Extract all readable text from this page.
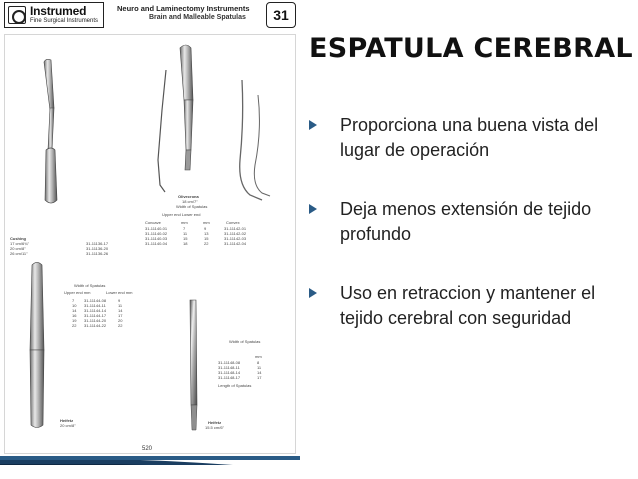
Instrumed
Fine Surgical Instruments
Neuro and Laminectomy Instruments
Brain and Malleable Spatulas	31
Cushing
17 cm/6¾"	31-11136-17
20 cm/8"	31-11136-20
26 cm/11"	31-11136-26
Olivecrona
18 cm/7"
Width of Spatulas
Upper end Lower end
Concave	mm	mm	Convex
31-11140-01	7	9	31-11142-01
31-11140-02	11	13	31-11142-02
31-11140-03	15	15	31-11142-03
31-11140-04	18	22	31-11142-04
Width of Spatulas
Upper end mm	Lower end mm
7 31-11144-08	9
10 31-11144-11	11
14 31-11144-14	14
16 31-11144-17	17
19 31-11144-20	20
22 31-11144-22	22
Heifetz
20 cm/8"
Width of Spatulas
mm
31-11148-08	8
31-11148-11	11
31-11148-14	14
31-11148-17	17
Length of Spatulas
Heifetz
15.5 cm/6"
520
ESPATULA CEREBRAL
Proporciona una buena vista del lugar de operación
Deja menos extensión de tejido profundo
Uso en retraccion y mantener el tejido cerebral con seguridad
